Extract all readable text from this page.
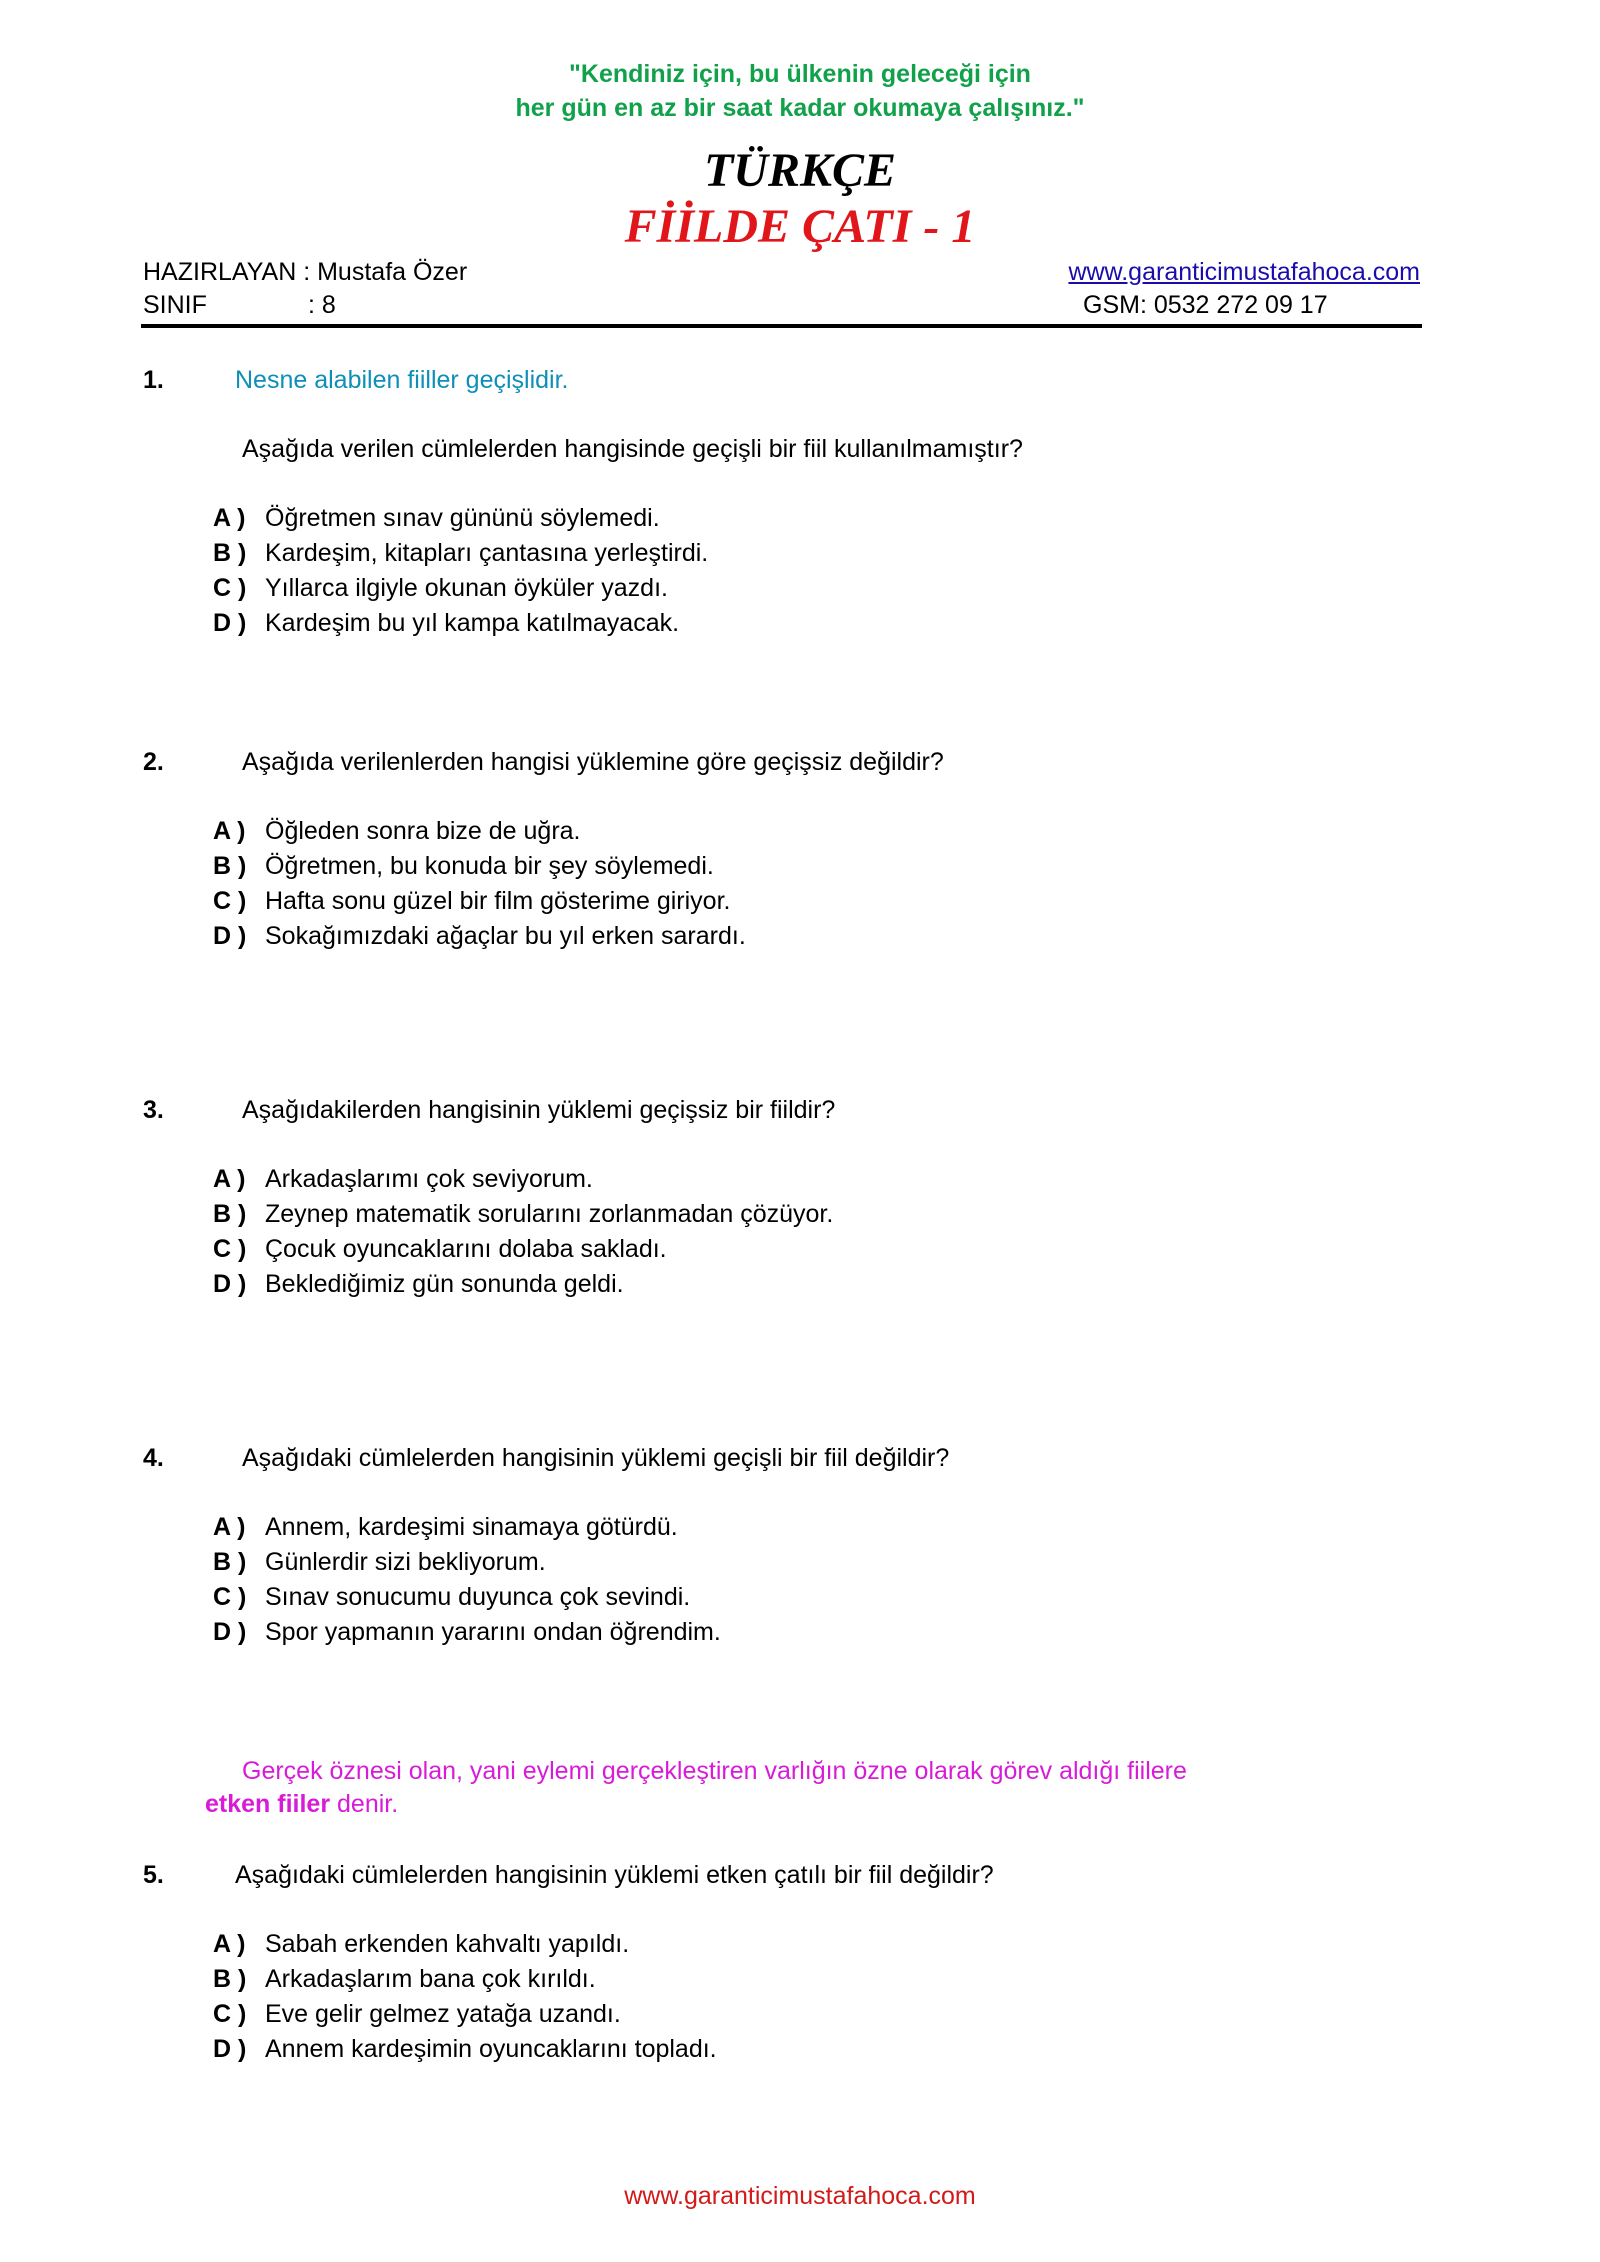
"Kendiniz için, bu ülkenin geleceği için
her gün en az bir saat kadar okumaya çalışınız."
TÜRKÇE
FİİLDE ÇATI - 1
HAZIRLAYAN : Mustafa Özer	www.garanticimustafahoca.com
SINIF	: 8	GSM: 0532 272 09 17
1.	Nesne alabilen fiiller geçişlidir.
Aşağıda verilen cümlelerden hangisinde geçişli bir fiil kullanılmamıştır?
A ) Öğretmen sınav gününü söylemedi.
B ) Kardeşim, kitapları çantasına yerleştirdi.
C ) Yıllarca ilgiyle okunan öyküler yazdı.
D ) Kardeşim bu yıl kampa katılmayacak.
2.	Aşağıda verilenlerden hangisi yüklemine göre geçişsiz değildir?
A ) Öğleden sonra bize de uğra.
B ) Öğretmen, bu konuda bir şey söylemedi.
C ) Hafta sonu güzel bir film gösterime giriyor.
D ) Sokağımızdaki ağaçlar bu yıl erken sarardı.
3.	Aşağıdakilerden hangisinin yüklemi geçişsiz bir fiildir?
A ) Arkadaşlarımı çok seviyorum.
B ) Zeynep matematik sorularını zorlanmadan çözüyor.
C ) Çocuk oyuncaklarını dolaba sakladı.
D ) Beklediğimiz gün sonunda geldi.
4.	Aşağıdaki cümlelerden hangisinin yüklemi geçişli bir fiil değildir?
A ) Annem, kardeşimi sinamaya götürdü.
B ) Günlerdir sizi bekliyorum.
C ) Sınav sonucumu duyunca çok sevindi.
D ) Spor yapmanın yararını ondan öğrendim.
Gerçek öznesi olan, yani eylemi gerçekleştiren varlığın özne olarak görev aldığı fiilere
etken fiiler denir.
5.	Aşağıdaki cümlelerden hangisinin yüklemi etken çatılı bir fiil değildir?
A ) Sabah erkenden kahvaltı yapıldı.
B ) Arkadaşlarım bana çok kırıldı.
C ) Eve gelir gelmez yatağa uzandı.
D ) Annem kardeşimin oyuncaklarını topladı.
www.garanticimustafahoca.com
